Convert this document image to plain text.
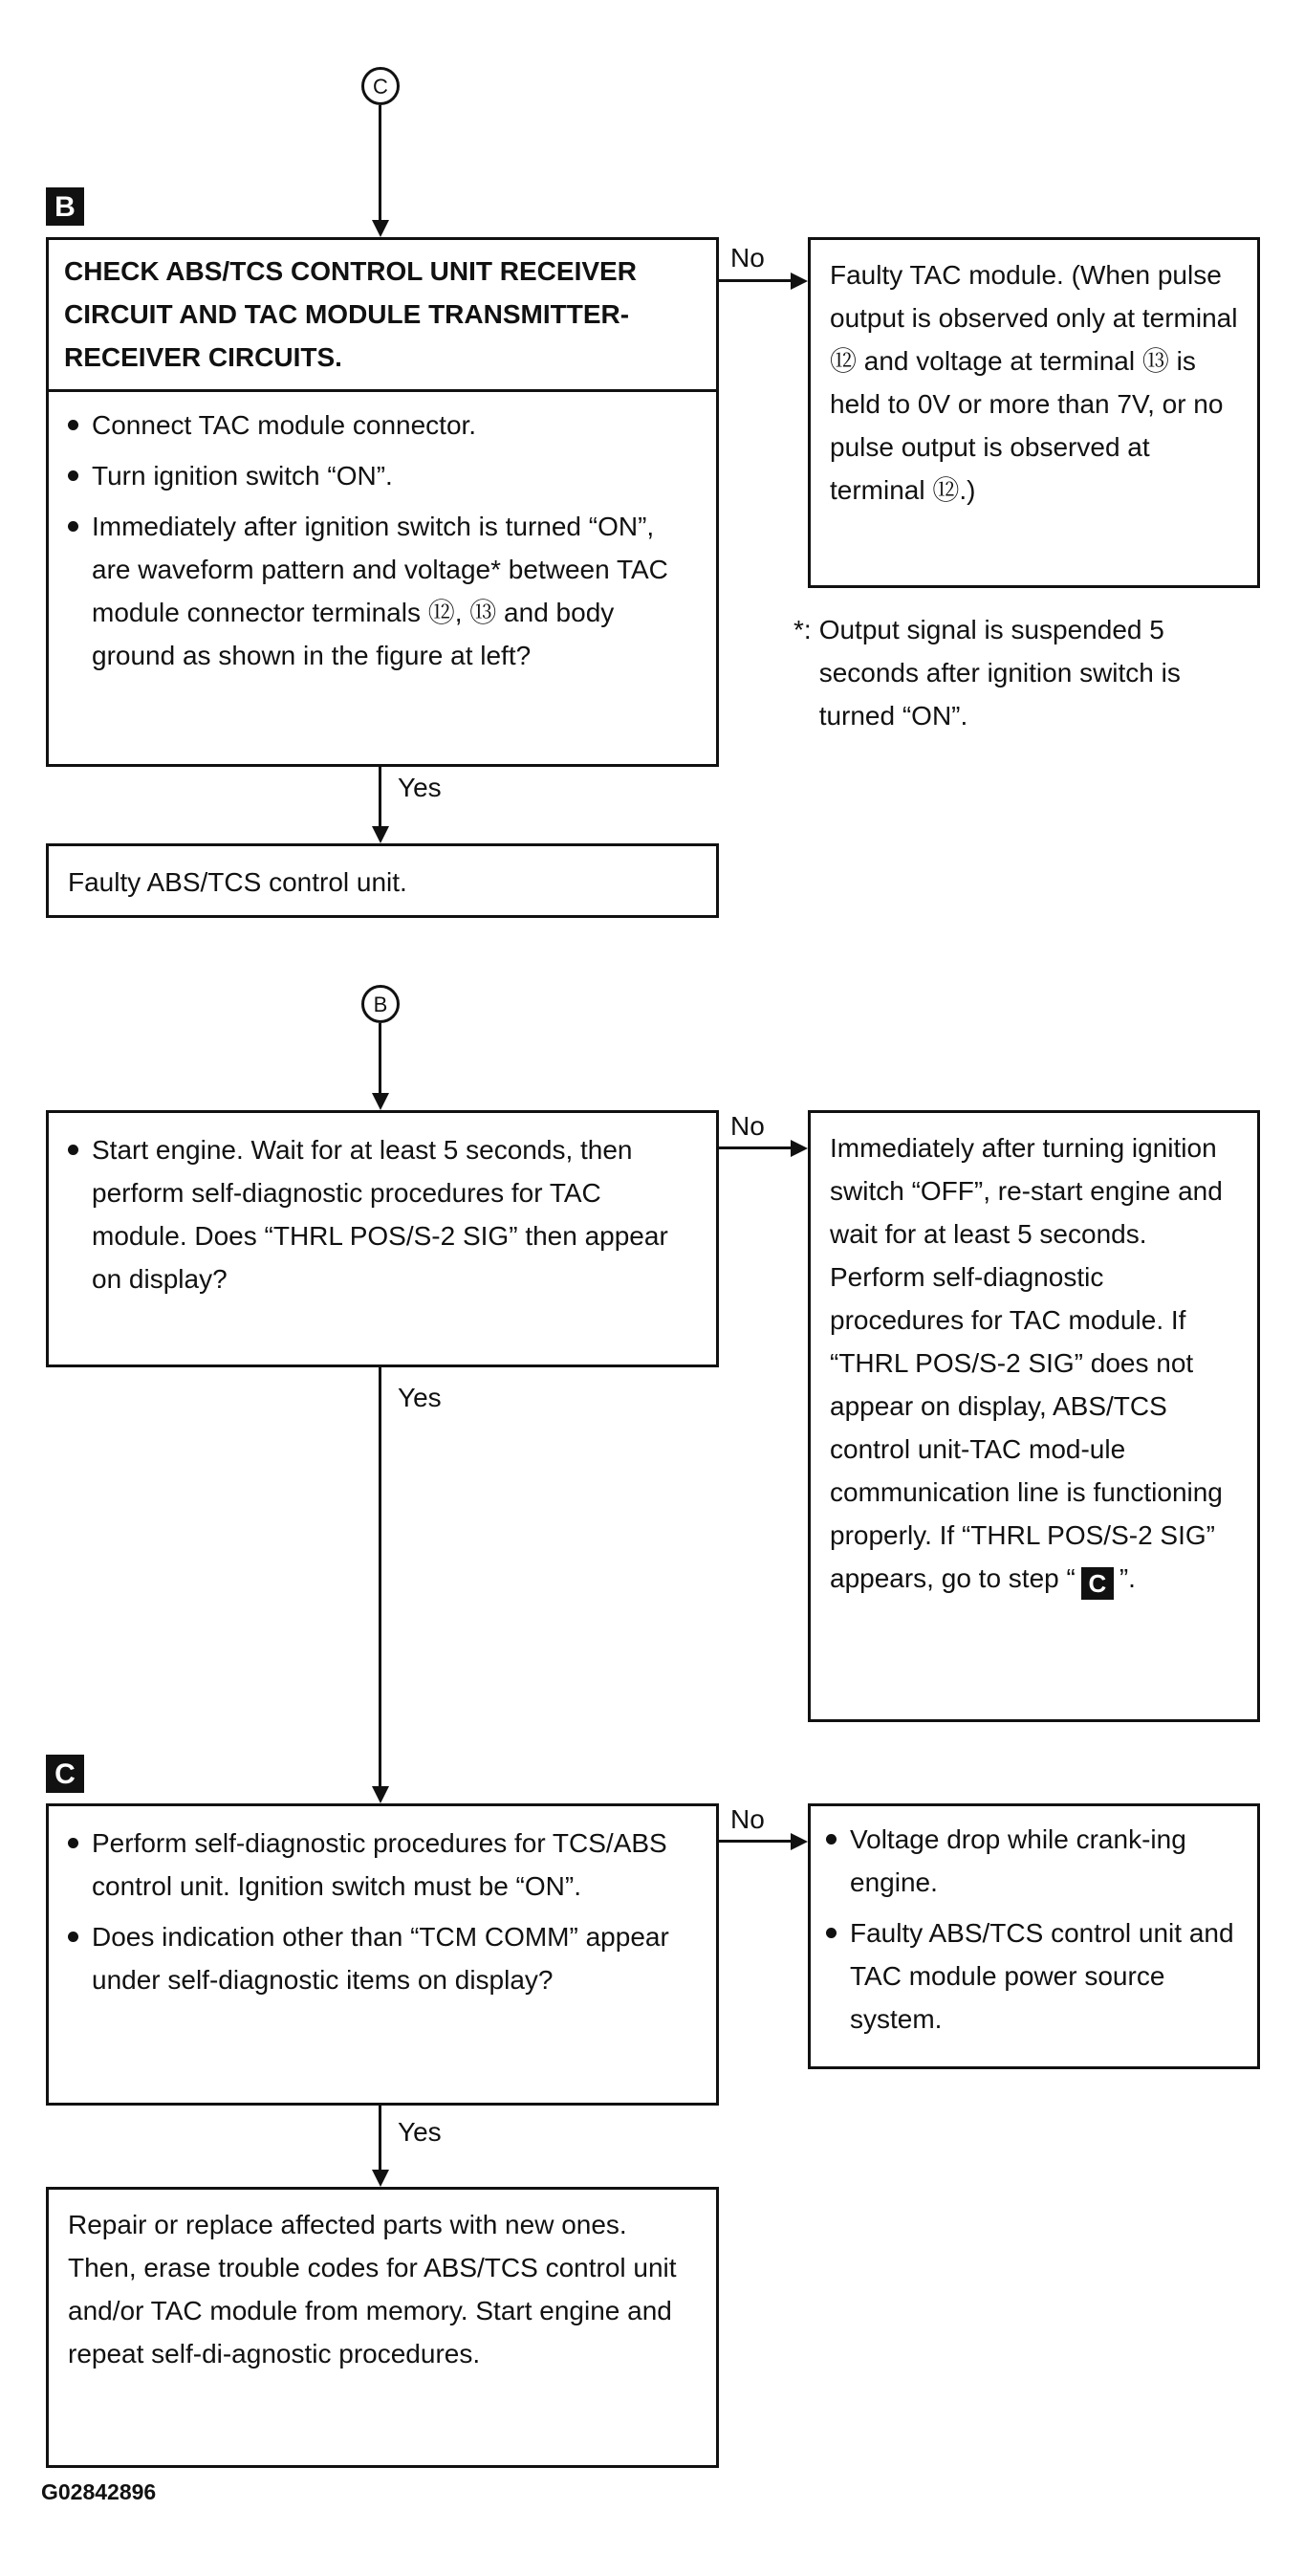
C
B
CHECK ABS/TCS CONTROL UNIT RECEIVER CIRCUIT AND TAC MODULE TRANSMITTER-RECEIVER CIRCUITS.
Connect TAC module connector.
Turn ignition switch “ON”.
Immediately after ignition switch is turned “ON”, are waveform pattern and voltage* between TAC module connector terminals ⑫, ⑬ and body ground as shown in the figure at left?
No
Faulty TAC module. (When pulse output is observed only at terminal ⑫ and voltage at terminal ⑬ is held to 0V or more than 7V, or no pulse output is observed at terminal ⑫.)
*: Output signal is suspended 5 seconds after ignition switch is turned “ON”.
Yes
Faulty ABS/TCS control unit.
B
Start engine. Wait for at least 5 seconds, then perform self-diagnostic procedures for TAC module. Does “THRL POS/S-2 SIG” then appear on display?
No
Immediately after turning ignition switch “OFF”, re-start engine and wait for at least 5 seconds. Perform self-diagnostic procedures for TAC module. If “THRL POS/S-2 SIG” does not appear on display, ABS/TCS control unit-TAC mod-ule communication line is functioning properly. If “THRL POS/S-2 SIG” appears, go to step “ C ”.
Yes
C
Perform self-diagnostic procedures for TCS/ABS control unit. Ignition switch must be “ON”.
Does indication other than “TCM COMM” appear under self-diagnostic items on display?
No
Voltage drop while crank-ing engine.
Faulty ABS/TCS control unit and TAC module power source system.
Yes
Repair or replace affected parts with new ones. Then, erase trouble codes for ABS/TCS control unit and/or TAC module from memory. Start engine and repeat self-di-agnostic procedures.
G02842896
